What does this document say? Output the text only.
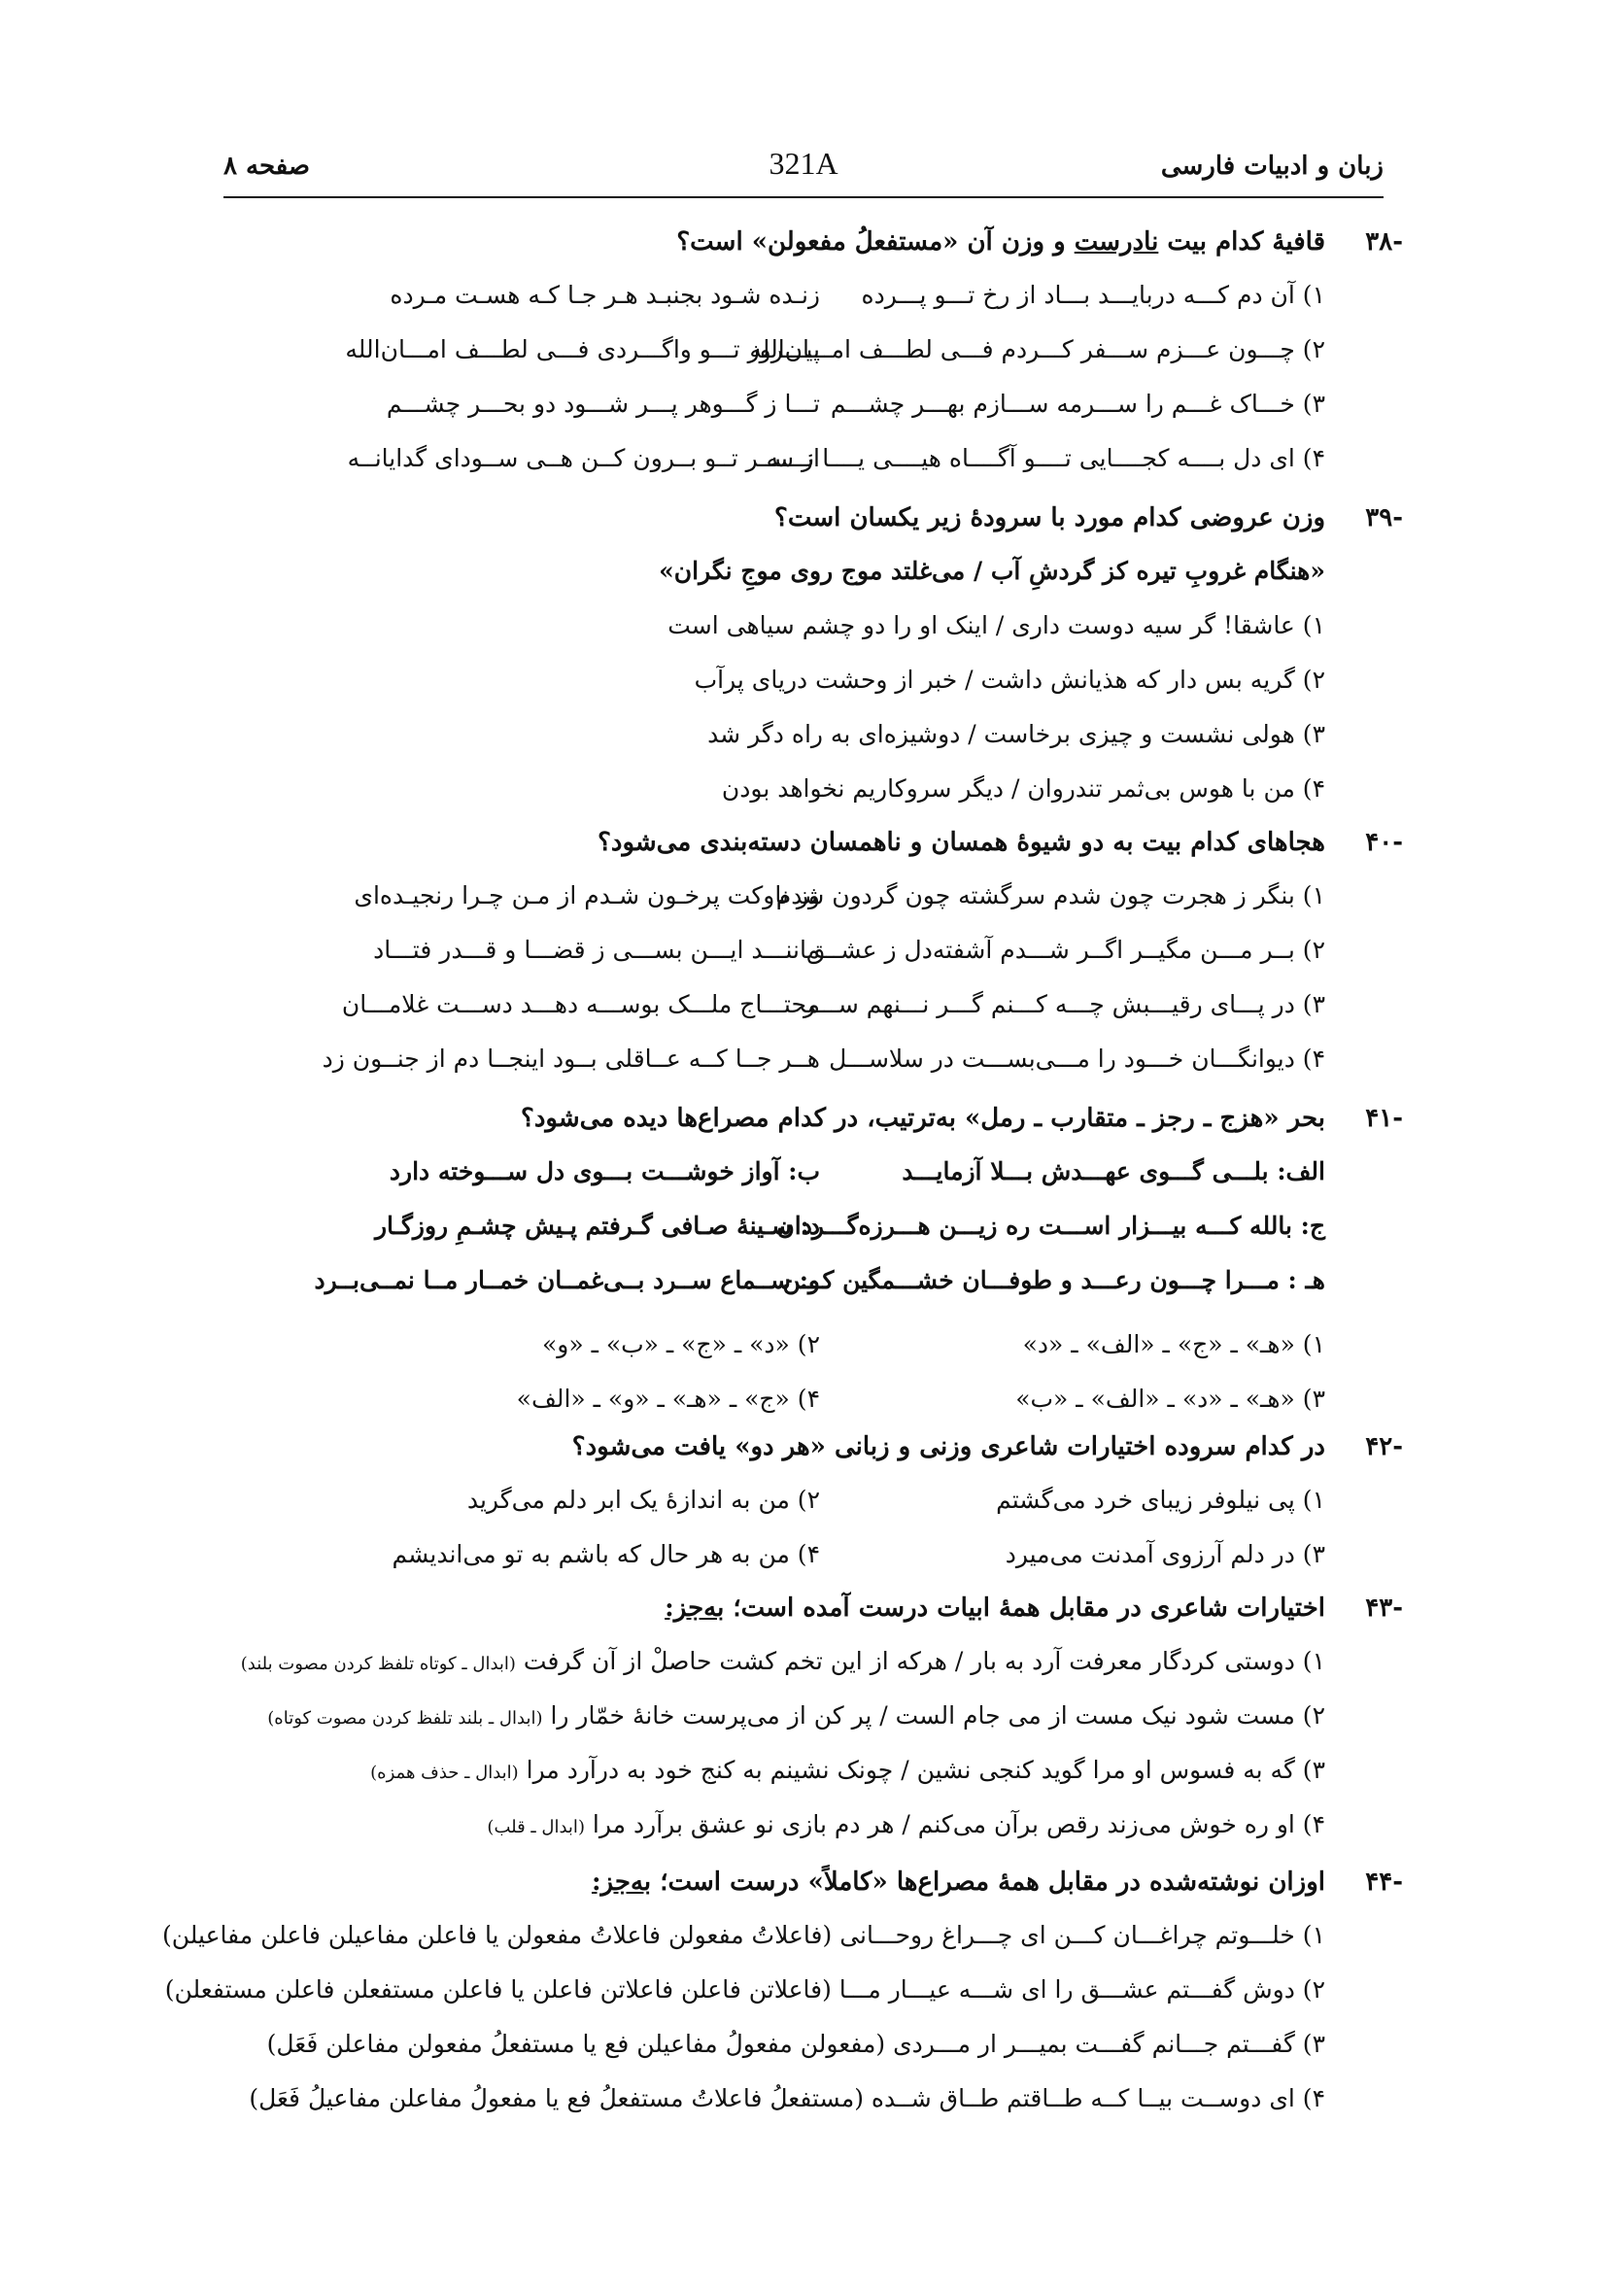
زبان و ادبیات فارسی
321A
صفحه ۸
-۳۸
قافیهٔ کدام بیت نادرست و وزن آن «مستفعلُ مفعولن» است؟
۱) آن دم کـــه دربایـــد بـــاد از رخ تـــو پـــرده
زنـده شـود بجنبـد هـر جـا کـه هسـت مـرده
۲) چـــون عـــزم ســـفر کـــردم فـــی لطـــف امـــان‌الله
پیـــروز تـــو واگـــردی فـــی لطـــف امـــان‌الله
۳) خـــاک غـــم را ســـرمه ســـازم بهـــر چشـــم
تـــا ز گـــوهر پـــر شـــود دو بحـــر چشـــم
۴) ای دل بــــه کجــــایی تــــو آگــــاه هیــــی یــــا نــــه
از ســر تــو بــرون کــن هــی ســودای گدایانــه
-۳۹
وزن عروضی کدام مورد با سرودهٔ زیر یکسان است؟
«هنگام غروبِ تیره کز گردشِ آب / می‌غلتد موج روی موجِ نگران»
۱) عاشقا! گر سیه دوست داری / اینک او را دو چشم سیاهی است
۲) گریه بس دار که هذیانش داشت / خبر از وحشت دریای پرآب
۳) هولی نشست و چیزی برخاست / دوشیزه‌ای به راه دگر شد
۴) من با هوس بی‌ثمر تندروان / دیگر سروکاریم نخواهد بودن
-۴۰
هجاهای کدام بیت به دو شیوهٔ همسان و ناهمسان دسته‌بندی می‌شود؟
۱) بنگر ز هجرت چون شدم سرگشته چون گردون شدم
وز ناوکت پرخـون شـدم از مـن چـرا رنجیـده‌ای
۲) بــر مـــن مگیــر اگــر شـــدم آشفته‌دل ز عشــق
ماننـــد ایـــن بســـی ز قضـــا و قـــدر فتـــاد
۳) در پـــای رقیـــبش چـــه کـــنم گـــر نـــنهم ســـر
محتـــاج ملـــک بوســـه دهـــد دســـت غلامـــان
۴) دیوانگـــان خـــود را مـــی‌بســـت در سلاســـل
هــر جــا کــه عــاقلی بــود اینجــا دم از جنــون زد
-۴۱
بحر «هزج ـ رجز ـ متقارب ـ رمل» به‌ترتیب، در کدام مصراع‌ها دیده می‌شود؟
الف: بلـــی گـــوی عهـــدش بـــلا آزمایـــد
ب: آواز خوشـــت بـــوی دل ســـوخته دارد
ج: بالله کـــه بیـــزار اســـت ره زیـــن هـــرزه‌گـــردان
د: سـینهٔ صـافی گـرفتم پـیش چشـمِ روزگـار
هـ : مـــرا چـــون رعـــد و طوفـــان خشـــمگین کـــن
و: ســماع ســرد بــی‌غمــان خمــار مــا نمــی‌بــرد
۱) «هـ» ـ «ج» ـ «الف» ـ «د»
۲) «د» ـ «ج» ـ «ب» ـ «و»
۳) «هـ» ـ «د» ـ «الف» ـ «ب»
۴) «ج» ـ «هـ» ـ «و» ـ «الف»
-۴۲
در کدام سروده اختیارات شاعری وزنی و زبانی «هر دو» یافت می‌شود؟
۱) پی نیلوفر زیبای خرد می‌گشتم
۲) من به اندازهٔ یک ابر دلم می‌گرید
۳) در دلم آرزوی آمدنت می‌میرد
۴) من به هر حال که باشم به تو می‌اندیشم
-۴۳
اختیارات شاعری در مقابل همهٔ ابیات درست آمده است؛ به‌جز:
۱) دوستی کردگار معرفت آرد به بار / هرکه از این تخم کشت حاصلْ از آن گرفت (ابدال ـ کوتاه تلفظ کردن مصوت بلند)
۲) مست شود نیک مست از می جام الست / پر کن از می‌پرست خانهٔ خمّار را (ابدال ـ بلند تلفظ کردن مصوت کوتاه)
۳) گه به فسوس او مرا گوید کنجی نشین / چونک نشینم به کنج خود به درآرد مرا (ابدال ـ حذف همزه)
۴) او ره خوش می‌زند رقص برآن می‌کنم / هر دم بازی نو عشق برآرد مرا (ابدال ـ قلب)
-۴۴
اوزان نوشته‌شده در مقابل همهٔ مصراع‌ها «کاملاً» درست است؛ به‌جز:
۱) خلـــوتم چراغـــان کـــن ای چـــراغ روحـــانی (فاعلاتُ مفعولن فاعلاتُ مفعولن یا فاعلن مفاعیلن فاعلن مفاعیلن)
۲) دوش گفـــتم عشـــق را ای شـــه عیـــار مـــا (فاعلاتن فاعلن فاعلاتن فاعلن یا فاعلن مستفعلن فاعلن مستفعلن)
۳) گفـــتم جـــانم گفـــت بمیـــر ار مـــردی (مفعولن مفعولُ مفاعیلن فع یا مستفعلُ مفعولن مفاعلن فَعَل)
۴) ای دوســت بیــا کــه طــاقتم طــاق شــده (مستفعلُ فاعلاتُ مستفعلُ فع یا مفعولُ مفاعلن مفاعیلُ فَعَل)
